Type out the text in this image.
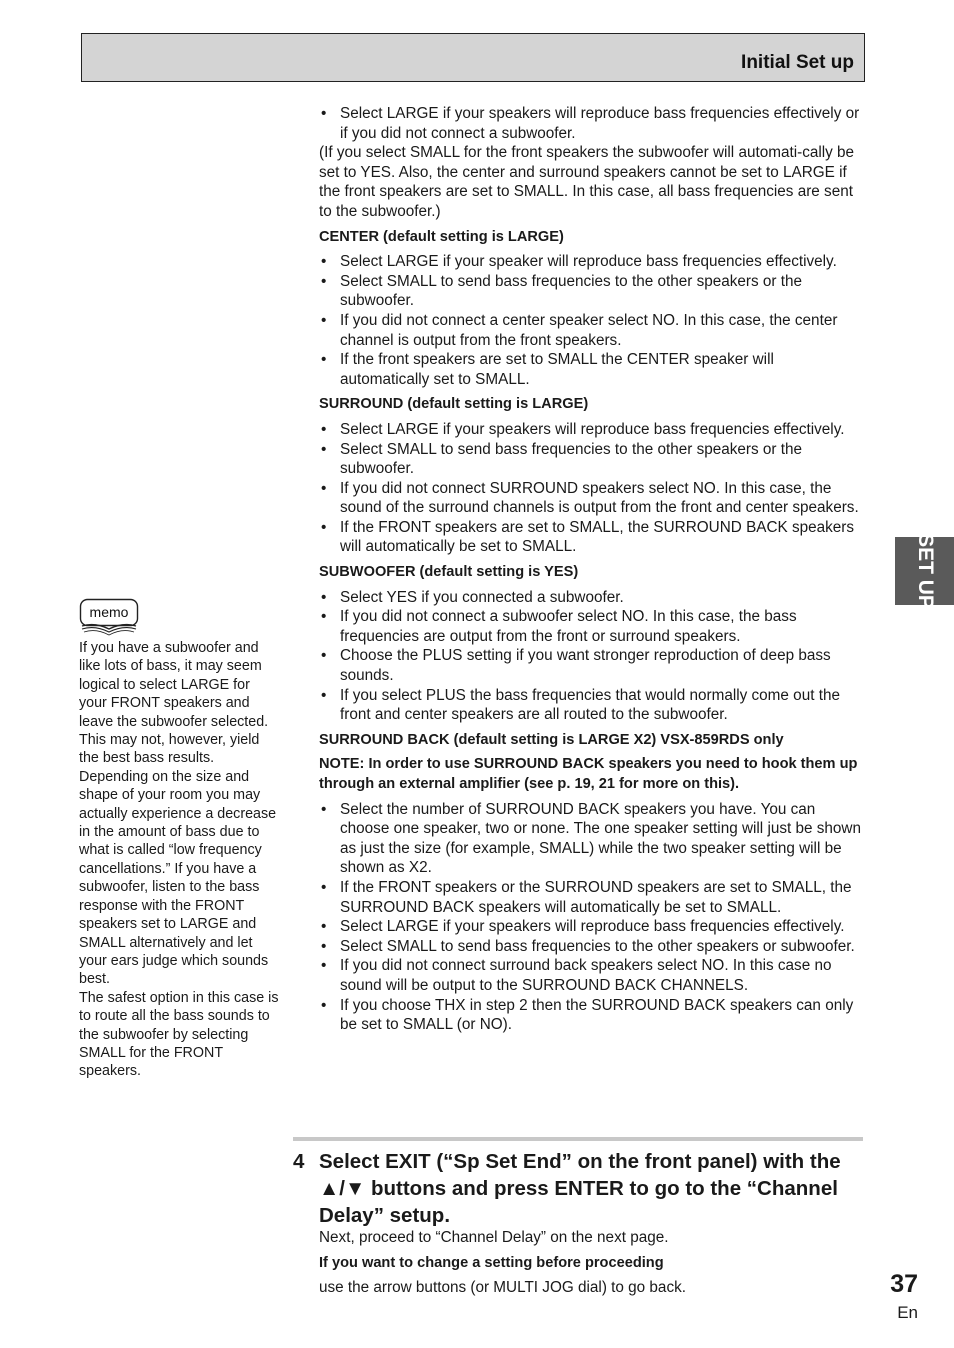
Initial Set up
SET UP
memo

If you have a subwoofer and like lots of bass, it may seem logical to select LARGE for your FRONT speakers and leave the subwoofer selected. This may not, however, yield the best bass results. Depending on the size and shape of your room you may actually experience a decrease in the amount of bass due to what is called “low frequency cancellations.” If you have a subwoofer, listen to the bass response with the FRONT speakers set to LARGE and SMALL alternatively and let your ears judge which sounds best.

The safest option in this case is to route all the bass sounds to the subwoofer by selecting SMALL for the FRONT speakers.

• Select LARGE if your speakers will reproduce bass frequencies effectively or if you did not connect a subwoofer.

(If you select SMALL for the front speakers the subwoofer will automati-cally be set to YES. Also, the center and surround speakers cannot be set to LARGE if the front speakers are set to SMALL. In this case, all bass frequencies are sent to the subwoofer.)

CENTER (default setting is LARGE)

• Select LARGE if your speaker will reproduce bass frequencies effectively.
• Select SMALL to send bass frequencies to the other speakers or the subwoofer.
• If you did not connect a center speaker select NO. In this case, the center channel is output from the front speakers.
• If the front speakers are set to SMALL the CENTER speaker will automatically set to SMALL.

SURROUND (default setting is LARGE)

• Select LARGE if your speakers will reproduce bass frequencies effectively.
• Select SMALL to send bass frequencies to the other speakers or the subwoofer.
• If you did not connect SURROUND speakers select NO. In this case, the sound of the surround channels is output from the front and center speakers.
• If the FRONT speakers are set to SMALL, the SURROUND BACK speakers will automatically be set to SMALL.

SUBWOOFER (default setting is YES)

• Select YES if you connected a subwoofer.
• If you did not connect a subwoofer select NO. In this case, the bass frequencies are output from the front or surround speakers.
• Choose the PLUS setting if you want stronger reproduction of deep bass sounds.
• If you select PLUS the bass frequencies that would normally come out the front and center speakers are all routed to the subwoofer.

SURROUND BACK (default setting is LARGE X2) VSX-859RDS only

NOTE: In order to use SURROUND BACK speakers you need to hook them up through an external amplifier (see p. 19, 21 for more on this).

• Select the number of SURROUND BACK speakers you have. You can choose one speaker, two or none. The one speaker setting will just be shown as just the size (for example, SMALL) while the two speaker setting will be shown as X2.
• If the FRONT speakers or the SURROUND speakers are set to SMALL, the SURROUND BACK speakers will automatically be set to SMALL.
• Select LARGE if your speakers will reproduce bass frequencies effectively.
• Select SMALL to send bass frequencies to the other speakers or subwoofer.
• If you did not connect surround back speakers select NO. In this case no sound will be output to the SURROUND BACK CHANNELS.
• If you choose THX in step 2 then the SURROUND BACK speakers can only be set to SMALL (or NO).
4 Select EXIT (“Sp Set End” on the front panel) with the ▲/▼ buttons and press ENTER to go to the “Channel Delay” setup.

Next, proceed to “Channel Delay” on the next page.

If you want to change a setting before proceeding

use the arrow buttons (or MULTI JOG dial) to go back.	37
En
